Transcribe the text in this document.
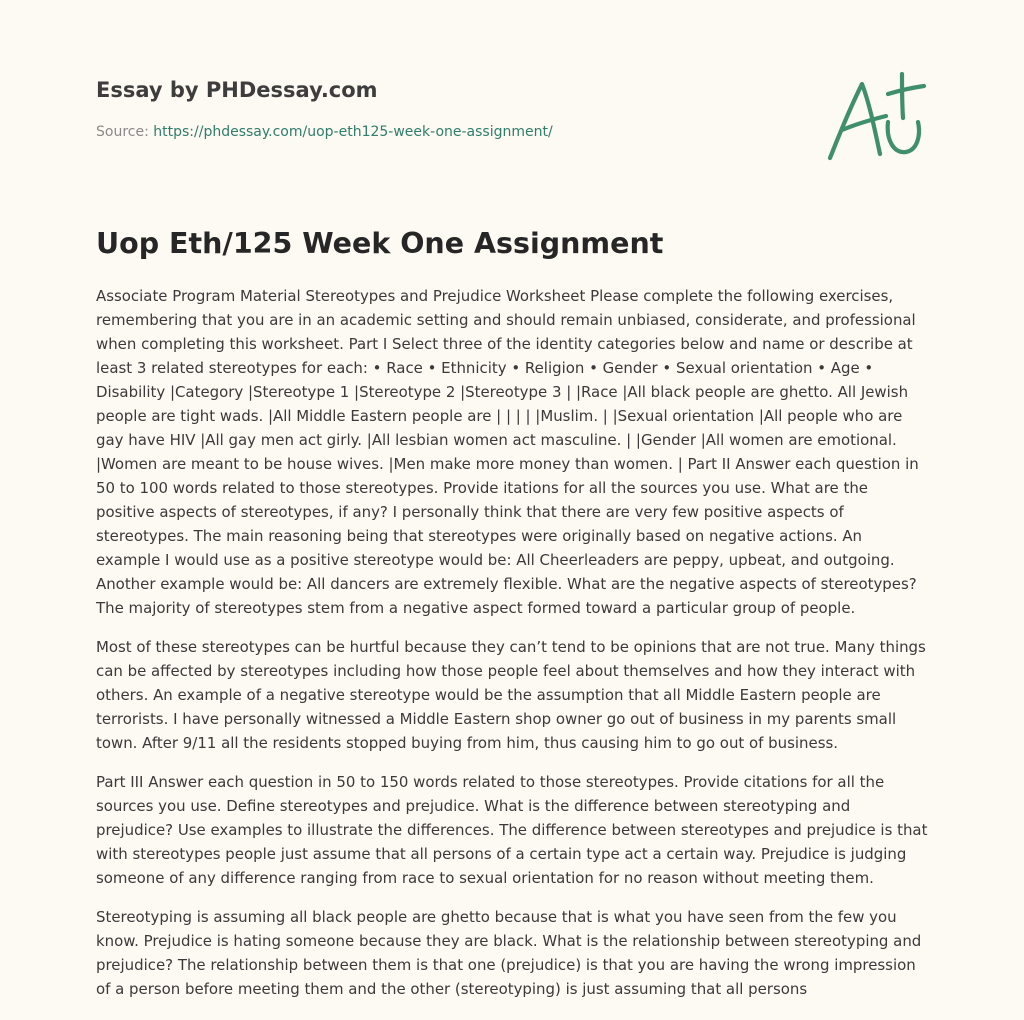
Essay by PHDessay.com
Source: https://phdessay.com/uop-eth125-week-one-assignment/
Uop Eth/125 Week One Assignment

Associate Program Material Stereotypes and Prejudice Worksheet Please complete the following exercises, remembering that you are in an academic setting and should remain unbiased, considerate, and professional when completing this worksheet. Part I Select three of the identity categories below and name or describe at least 3 related stereotypes for each: • Race • Ethnicity • Religion • Gender • Sexual orientation • Age • Disability |Category |Stereotype 1 |Stereotype 2 |Stereotype 3 | |Race |All black people are ghetto. All Jewish people are tight wads. |All Middle Eastern people are | | | | |Muslim. | |Sexual orientation |All people who are gay have HIV |All gay men act girly. |All lesbian women act masculine. | |Gender |All women are emotional. |Women are meant to be house wives. |Men make more money than women. | Part II Answer each question in 50 to 100 words related to those stereotypes. Provide itations for all the sources you use. What are the positive aspects of stereotypes, if any? I personally think that there are very few positive aspects of stereotypes. The main reasoning being that stereotypes were originally based on negative actions. An example I would use as a positive stereotype would be: All Cheerleaders are peppy, upbeat, and outgoing. Another example would be: All dancers are extremely flexible. What are the negative aspects of stereotypes? The majority of stereotypes stem from a negative aspect formed toward a particular group of people.

Most of these stereotypes can be hurtful because they can’t tend to be opinions that are not true. Many things can be affected by stereotypes including how those people feel about themselves and how they interact with others. An example of a negative stereotype would be the assumption that all Middle Eastern people are terrorists. I have personally witnessed a Middle Eastern shop owner go out of business in my parents small town. After 9/11 all the residents stopped buying from him, thus causing him to go out of business.

Part III Answer each question in 50 to 150 words related to those stereotypes. Provide citations for all the sources you use. Define stereotypes and prejudice. What is the difference between stereotyping and prejudice? Use examples to illustrate the differences. The difference between stereotypes and prejudice is that with stereotypes people just assume that all persons of a certain type act a certain way. Prejudice is judging someone of any difference ranging from race to sexual orientation for no reason without meeting them.

Stereotyping is assuming all black people are ghetto because that is what you have seen from the few you know. Prejudice is hating someone because they are black. What is the relationship between stereotyping and prejudice? The relationship between them is that one (prejudice) is that you are having the wrong impression of a person before meeting them and the other (stereotyping) is just assuming that all persons
